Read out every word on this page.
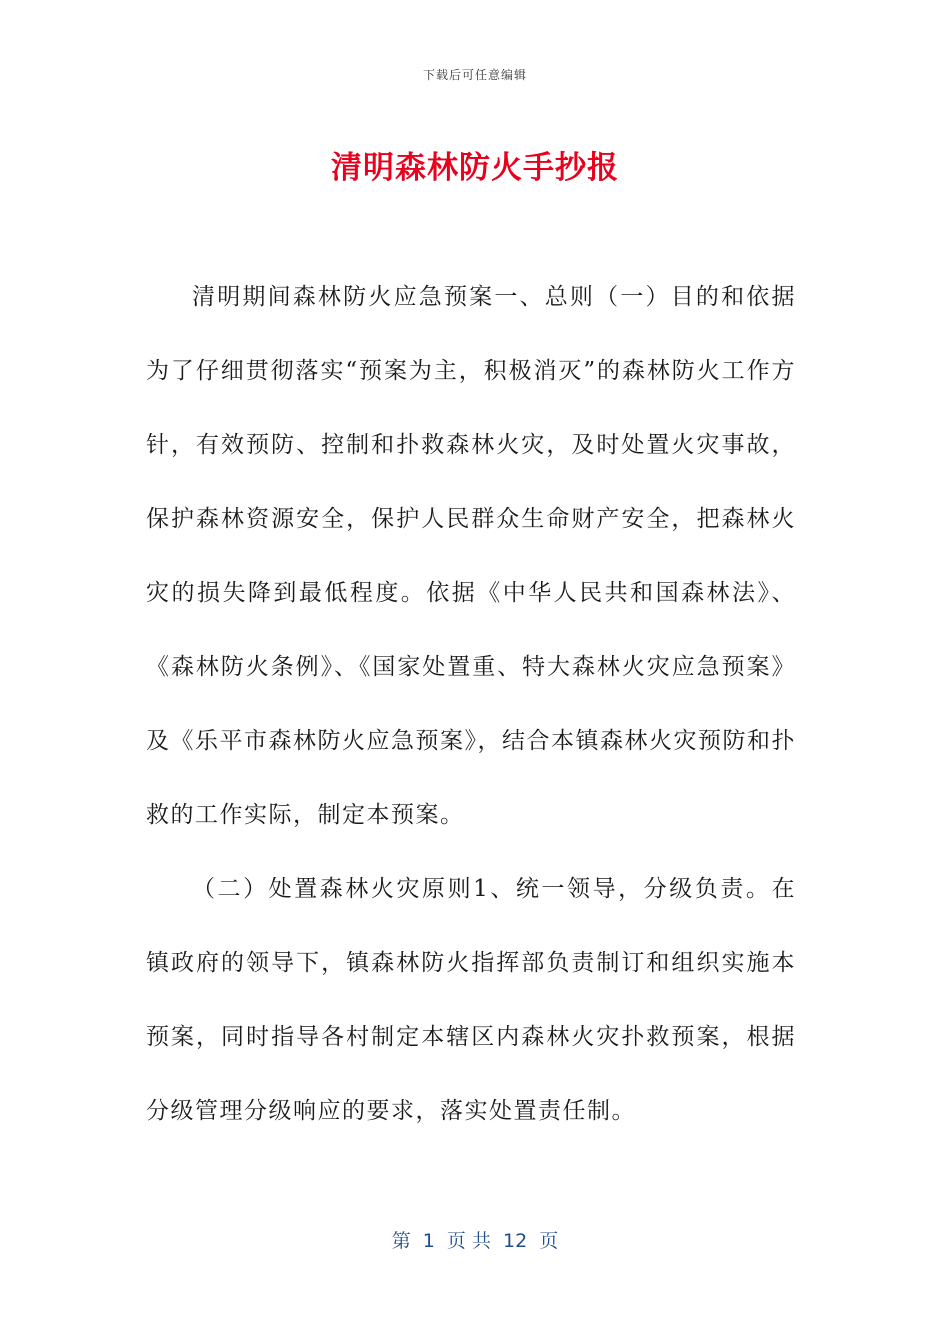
下载后可任意编辑
清明森林防火手抄报

清明期间森林防火应急预案一、总则（一）目的和依据为了仔细贯彻落实“预案为主，积极消灭”的森林防火工作方针，有效预防、控制和扑救森林火灾，及时处置火灾事故，保护森林资源安全，保护人民群众生命财产安全，把森林火灾的损失降到最低程度。依据《中华人民共和国森林法》、《森林防火条例》、《国家处置重、特大森林火灾应急预案》及《乐平市森林防火应急预案》，结合本镇森林火灾预防和扑救的工作实际，制定本预案。

（二）处置森林火灾原则1、统一领导，分级负责。在镇政府的领导下，镇森林防火指挥部负责制订和组织实施本预案，同时指导各村制定本辖区内森林火灾扑救预案，根据分级管理分级响应的要求，落实处置责任制。

第  1  页 共  12  页
